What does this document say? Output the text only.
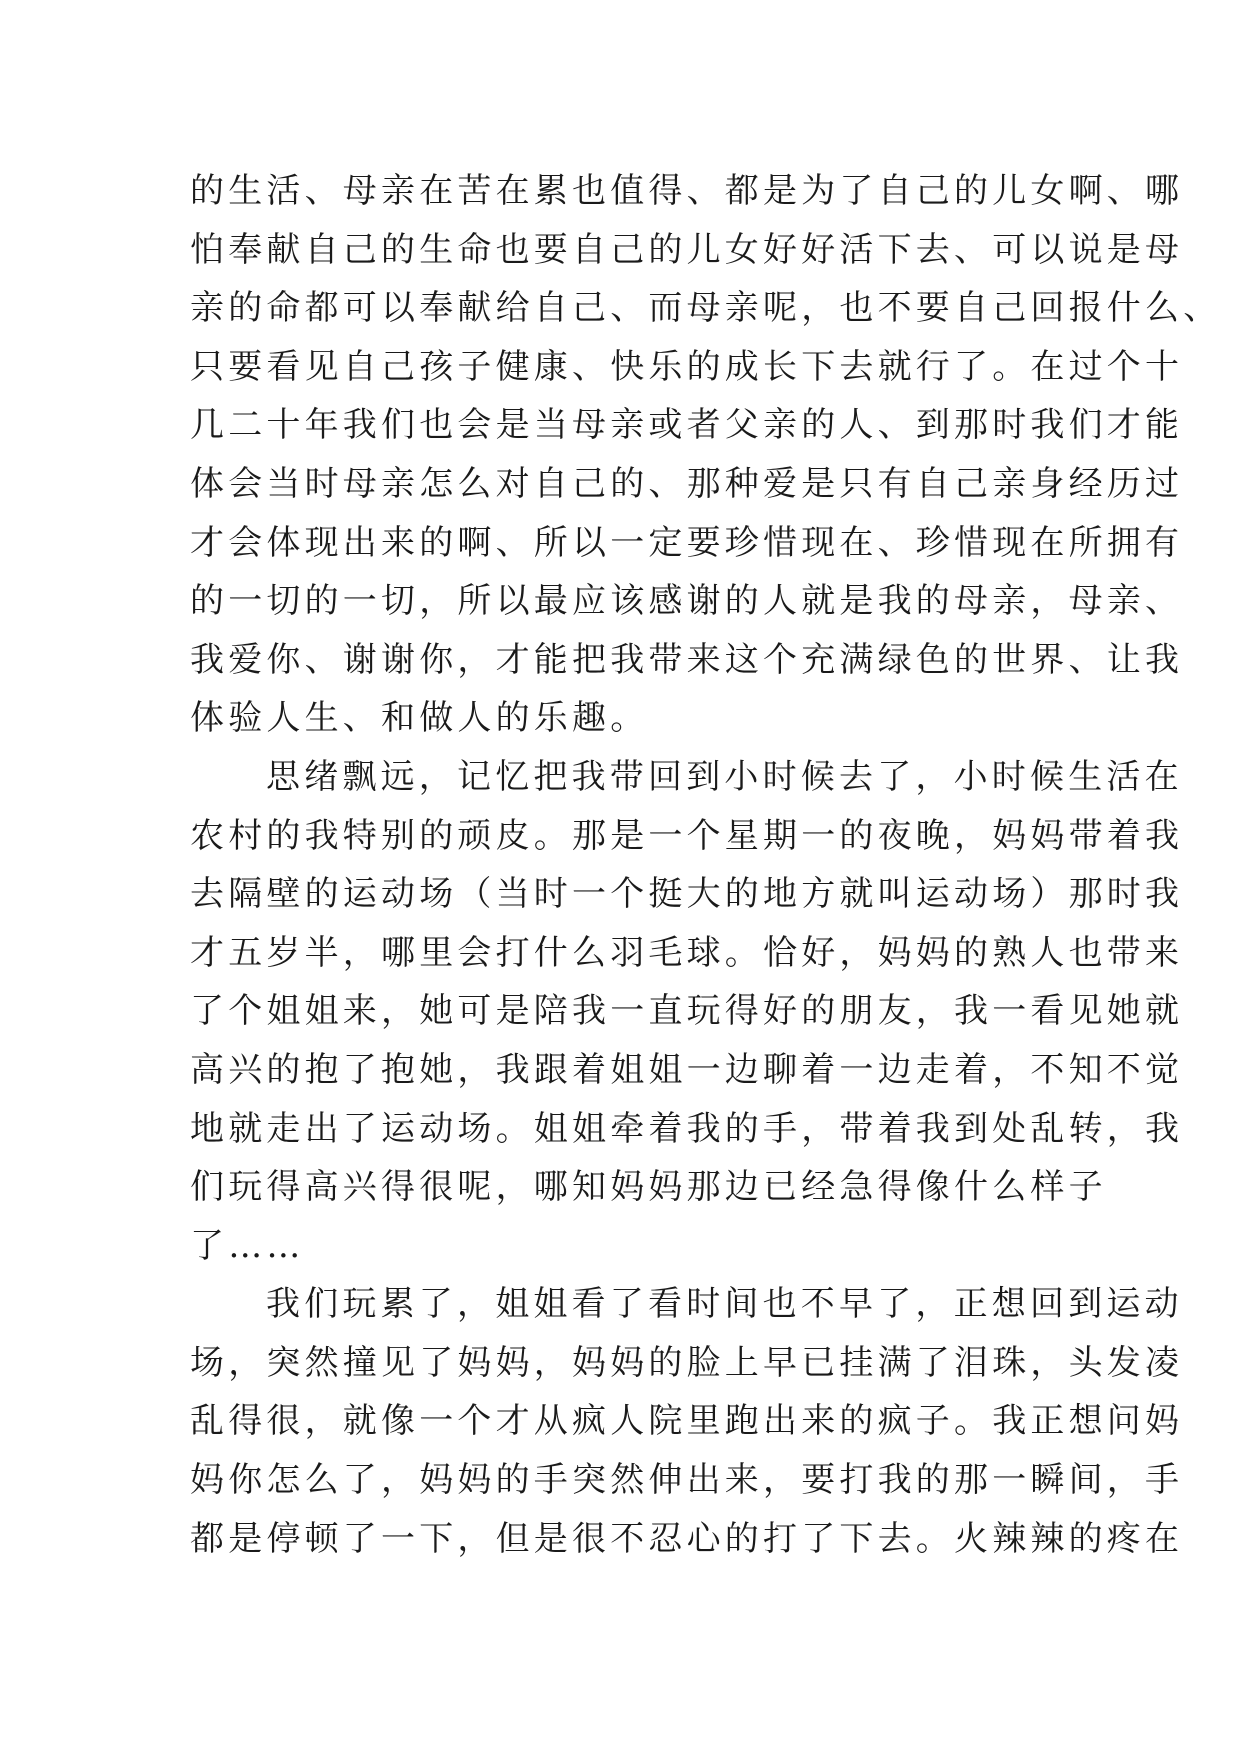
的生活、母亲在苦在累也值得、都是为了自己的儿女啊、哪
怕奉献自己的生命也要自己的儿女好好活下去、可以说是母
亲的命都可以奉献给自己、而母亲呢，也不要自己回报什么、
只要看见自己孩子健康、快乐的成长下去就行了。在过个十
几二十年我们也会是当母亲或者父亲的人、到那时我们才能
体会当时母亲怎么对自己的、那种爱是只有自己亲身经历过
才会体现出来的啊、所以一定要珍惜现在、珍惜现在所拥有
的一切的一切，所以最应该感谢的人就是我的母亲，母亲、
我爱你、谢谢你，才能把我带来这个充满绿色的世界、让我
体验人生、和做人的乐趣。
思绪飘远，记忆把我带回到小时候去了，小时候生活在
农村的我特别的顽皮。那是一个星期一的夜晚，妈妈带着我
去隔壁的运动场（当时一个挺大的地方就叫运动场）那时我
才五岁半，哪里会打什么羽毛球。恰好，妈妈的熟人也带来
了个姐姐来，她可是陪我一直玩得好的朋友，我一看见她就
高兴的抱了抱她，我跟着姐姐一边聊着一边走着，不知不觉
地就走出了运动场。姐姐牵着我的手，带着我到处乱转，我
们玩得高兴得很呢，哪知妈妈那边已经急得像什么样子
了……
我们玩累了，姐姐看了看时间也不早了，正想回到运动
场，突然撞见了妈妈，妈妈的脸上早已挂满了泪珠，头发凌
乱得很，就像一个才从疯人院里跑出来的疯子。我正想问妈
妈你怎么了，妈妈的手突然伸出来，要打我的那一瞬间，手
都是停顿了一下，但是很不忍心的打了下去。火辣辣的疼在
